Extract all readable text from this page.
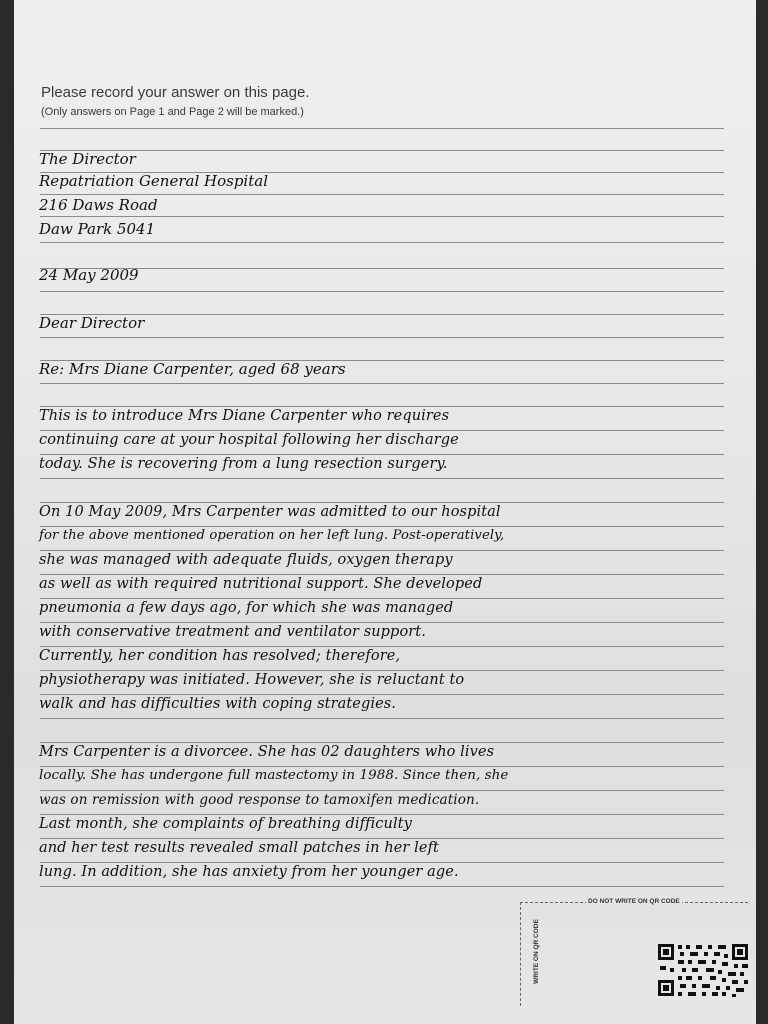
Please record your answer on this page.
(Only answers on Page 1 and Page 2 will be marked.)
The Director
Repatriation General Hospital
216 Daws Road
Daw Park 5041
24 May 2009
Dear Director
Re: Mrs Diane Carpenter, aged 68 years
This is to introduce Mrs Diane Carpenter who requires
continuing care at your hospital following her discharge
today. She is recovering from a lung resection surgery.
On 10 May 2009, Mrs Carpenter was admitted to our hospital
for the above mentioned operation on her left lung. Post-operatively,
she was managed with adequate fluids, oxygen therapy
as well as with required nutritional support. She developed
pneumonia a few days ago, for which she was managed
with conservative treatment and ventilator support.
Currently, her condition has resolved; therefore,
physiotherapy was initiated. However, she is reluctant to
walk and has difficulties with coping strategies.
Mrs Carpenter is a divorcee. She has 02 daughters who lives
locally. She has undergone full mastectomy in 1988. Since then, she
was on remission with good response to tamoxifen medication.
Last month, she complaints of breathing difficulty
and her test results revealed small patches in her left
lung. In addition, she has anxiety from her younger age.
DO NOT WRITE ON QR CODE
WRITE ON QR CODE
